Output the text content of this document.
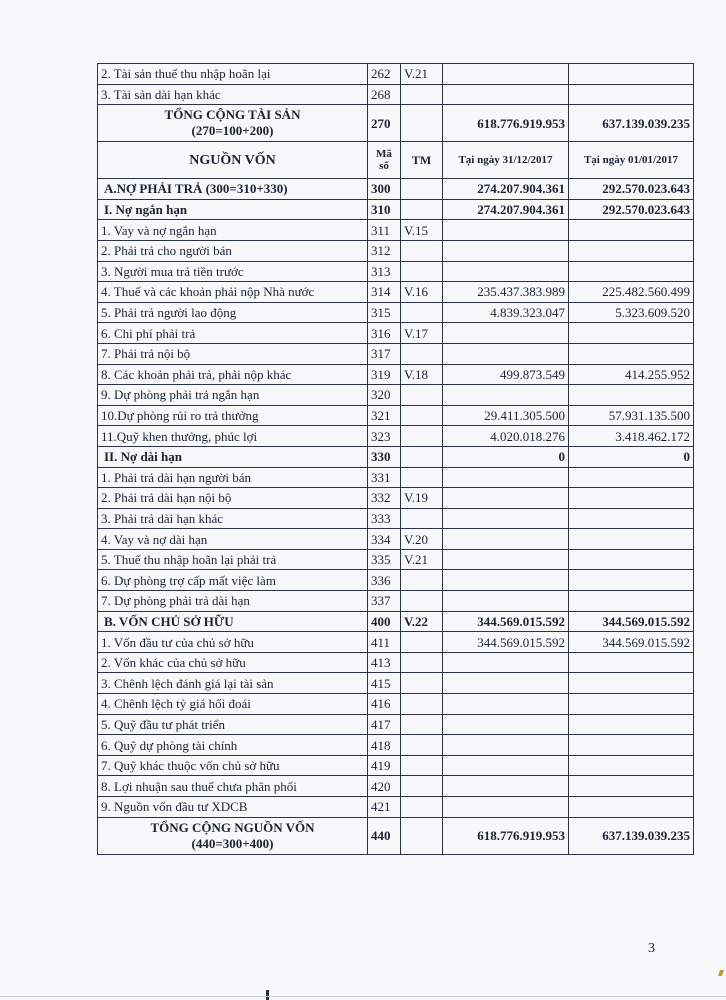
2. Tài sản thuế thu nhập hoãn lại	262	V.21		
3. Tài sản dài hạn khác	268			

TỔNG CỘNG TÀI SẢN
(270=100+200)	270		618.776.919.953	637.139.039.235
NGUỒN VỐN	Mã số	TM	Tại ngày 31/12/2017	Tại ngày 01/01/2017
A.NỢ PHẢI TRẢ (300=310+330)	300		274.207.904.361	292.570.023.643
I. Nợ ngắn hạn	310		274.207.904.361	292.570.023.643
1. Vay và nợ ngắn hạn	311	V.15		
2. Phải trả cho người bán	312			
3. Người mua trả tiền trước	313			
4. Thuế và các khoản phải nộp Nhà nước	314	V.16	235.437.383.989	225.482.560.499
5. Phải trả người lao động	315		4.839.323.047	5.323.609.520
6. Chi phí phải trả	316	V.17		
7. Phải trả nội bộ	317			
8. Các khoản phải trả, phải nộp khác	319	V.18	499.873.549	414.255.952
9. Dự phòng phải trả ngắn hạn	320			
10.Dự phòng rủi ro trả thưởng	321		29.411.305.500	57.931.135.500
11.Quỹ khen thưởng, phúc lợi	323		4.020.018.276	3.418.462.172
II. Nợ dài hạn	330		0	0
1. Phải trả dài hạn người bán	331			
2. Phải trả dài hạn nội bộ	332	V.19		
3. Phải trả dài hạn khác	333			
4. Vay và nợ dài hạn	334	V.20		
5. Thuế thu nhập hoãn lại phải trả	335	V.21		
6. Dự phòng trợ cấp mất việc làm	336			
7. Dự phòng phải trả dài hạn	337			
B. VỐN CHỦ SỞ HỮU	400	V.22	344.569.015.592	344.569.015.592
1. Vốn đầu tư của chủ sở hữu	411		344.569.015.592	344.569.015.592
2. Vốn khác của chủ sở hữu	413			
3. Chênh lệch đánh giá lại tài sản	415			
4. Chênh lệch tỷ giá hối đoái	416			
5. Quỹ đầu tư phát triển	417			
6. Quỹ dự phòng tài chính	418			
7. Quỹ khác thuộc vốn chủ sở hữu	419			
8. Lợi nhuận sau thuế chưa phân phối	420			
9. Nguồn vốn đầu tư XDCB	421			

TỔNG CỘNG NGUỒN VỐN
(440=300+400)	440		618.776.919.953	637.139.039.235
3
